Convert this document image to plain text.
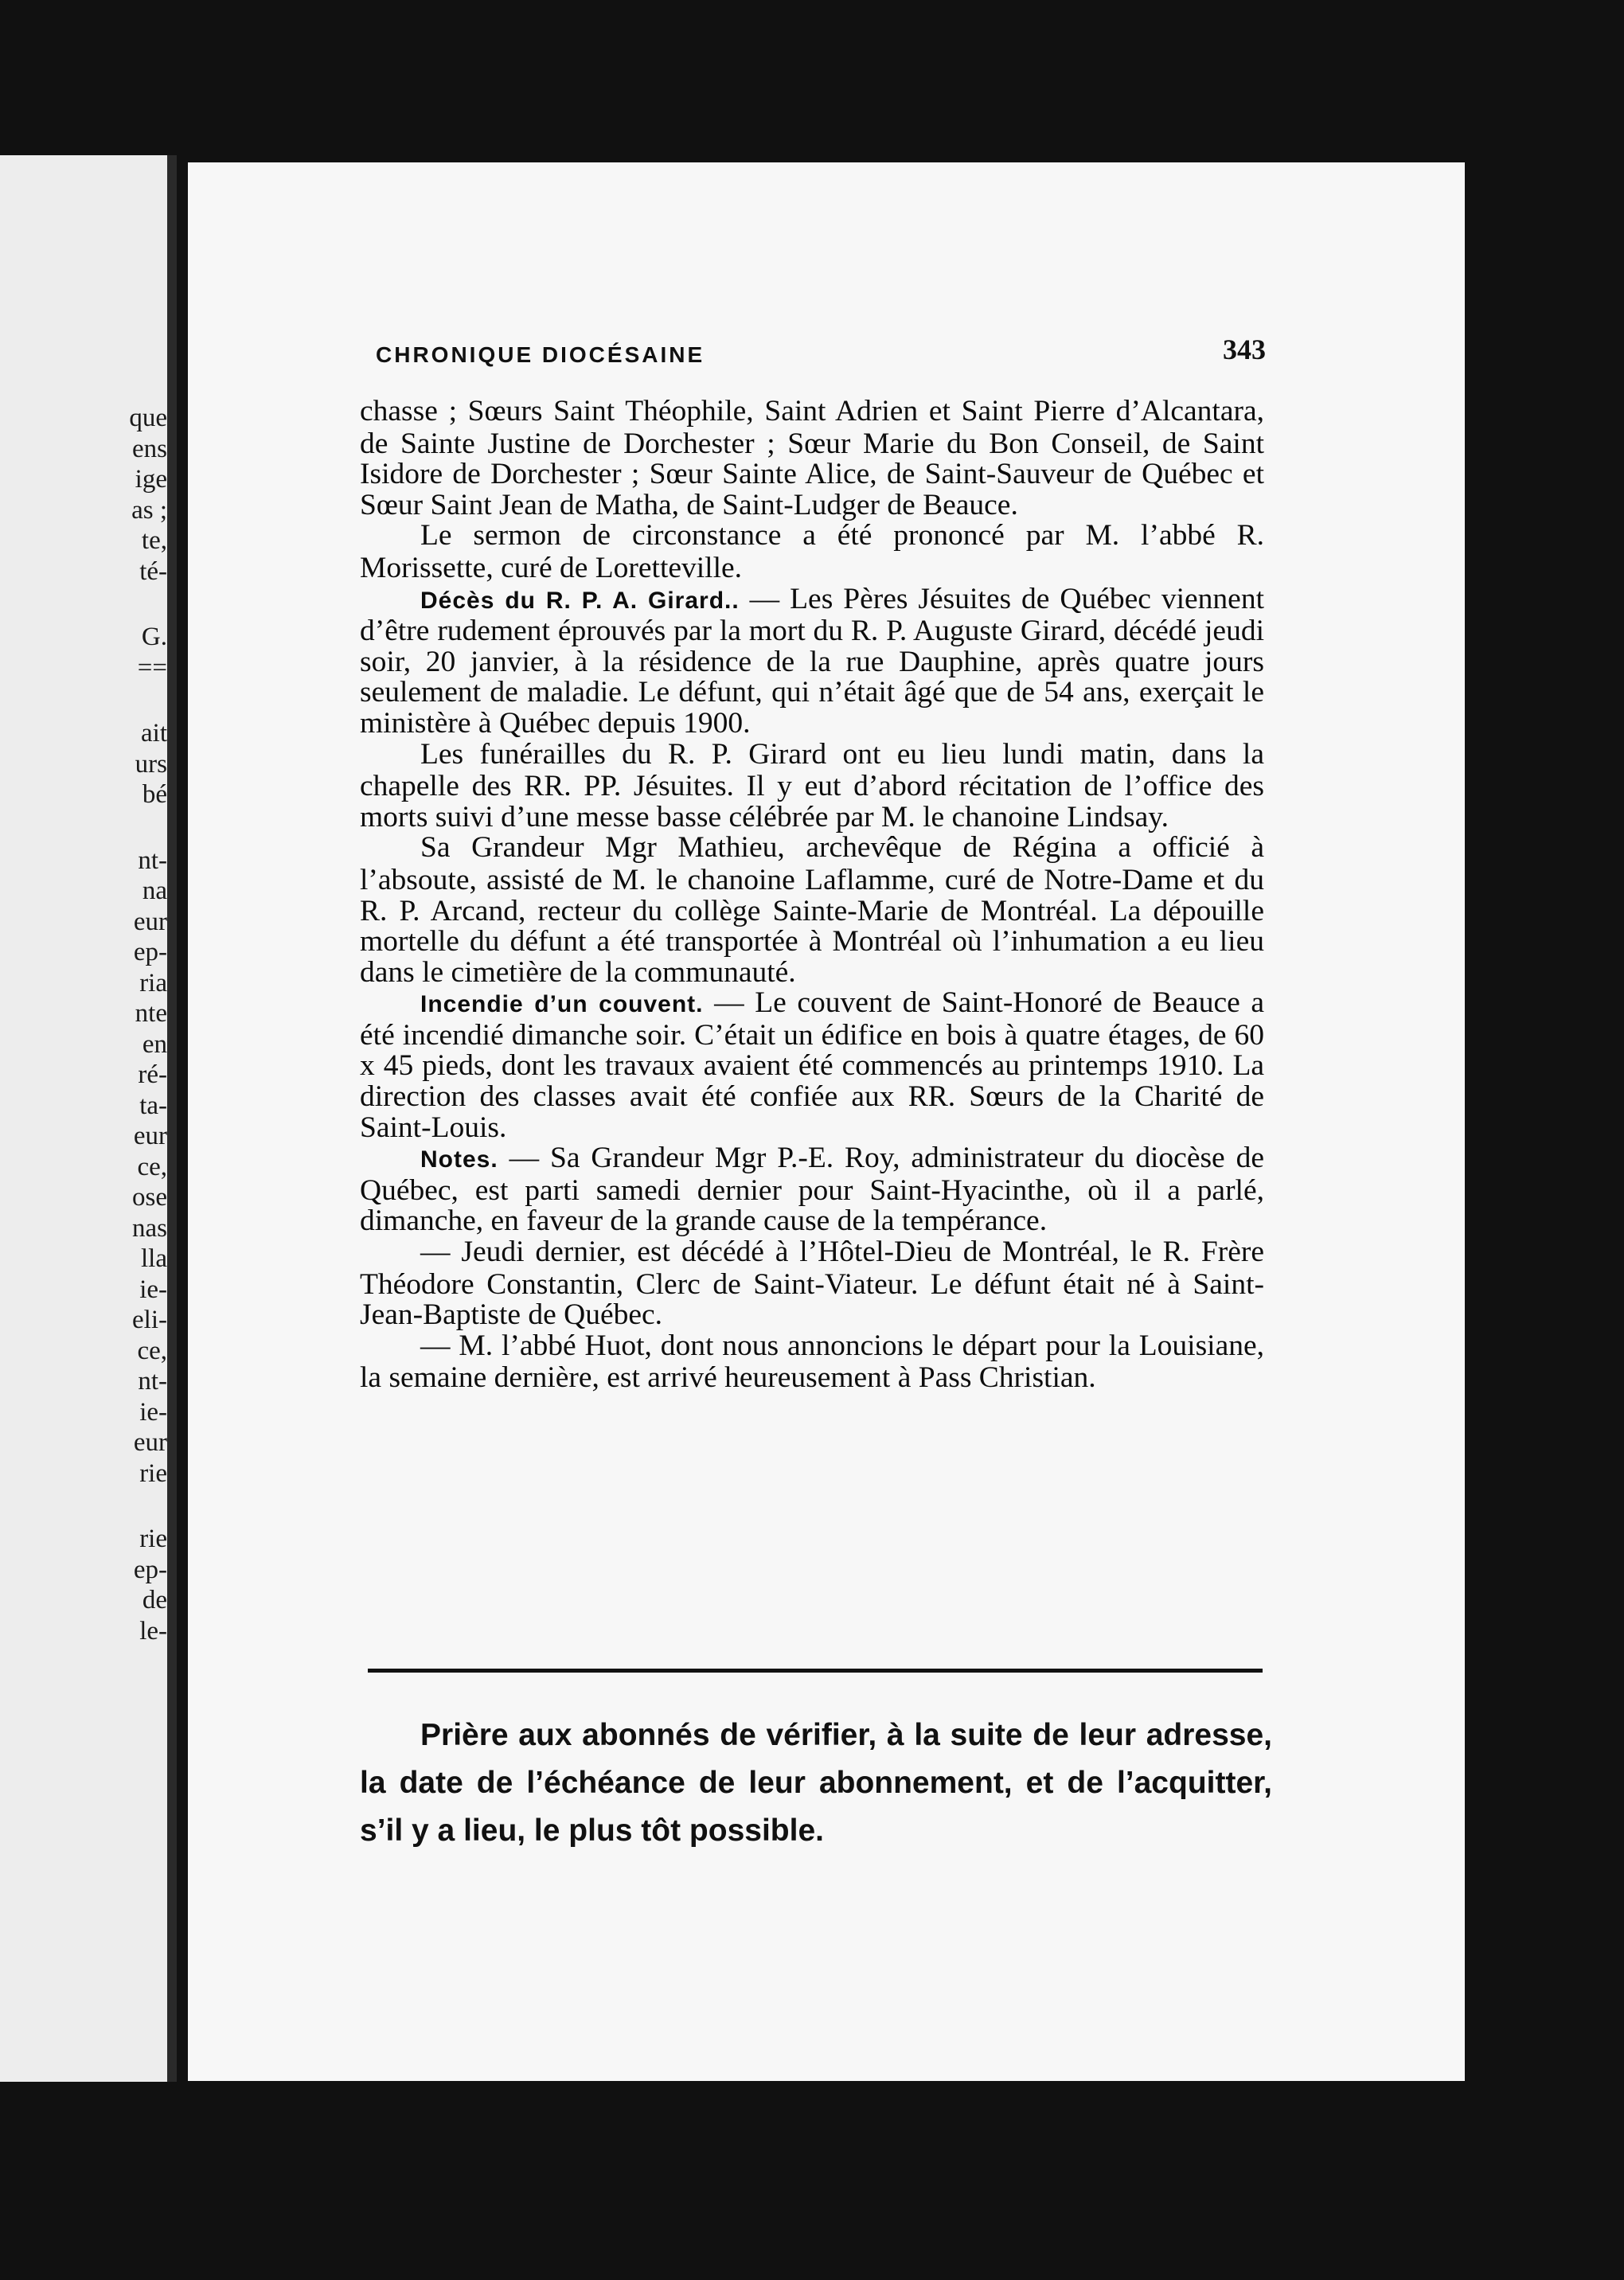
que
ens
ige
as ;
te,
té-
G.
==
ait
urs
bé
nt-
na
eur
ep-
ria
nte
en
ré-
ta-
eur
ce,
ose
nas
lla
ie-
eli-
ce,
nt-
ie-
eur
rie
rie
ep-
de
le-
CHRONIQUE DIOCÉSAINE	343

chasse ; Sœurs Saint Théophile, Saint Adrien et Saint Pierre d’Alcantara, de Sainte Justine de Dorchester ; Sœur Marie du Bon Conseil, de Saint Isidore de Dorchester ; Sœur Sainte Alice, de Saint-Sauveur de Québec et Sœur Saint Jean de Matha, de Saint-Ludger de Beauce.

Le sermon de circonstance a été prononcé par M. l’abbé R. Morissette, curé de Loretteville.

Décès du R. P. A. Girard.. — Les Pères Jésuites de Québec viennent d’être rudement éprouvés par la mort du R. P. Auguste Girard, décédé jeudi soir, 20 janvier, à la résidence de la rue Dauphine, après quatre jours seulement de maladie. Le défunt, qui n’était âgé que de 54 ans, exerçait le ministère à Québec depuis 1900.

Les funérailles du R. P. Girard ont eu lieu lundi matin, dans la chapelle des RR. PP. Jésuites. Il y eut d’abord récitation de l’office des morts suivi d’une messe basse célébrée par M. le chanoine Lindsay.

Sa Grandeur Mgr Mathieu, archevêque de Régina a officié à l’absoute, assisté de M. le chanoine Laflamme, curé de Notre-Dame et du R. P. Arcand, recteur du collège Sainte-Marie de Montréal. La dépouille mortelle du défunt a été transportée à Montréal où l’inhumation a eu lieu dans le cimetière de la communauté.

Incendie d’un couvent. — Le couvent de Saint-Honoré de Beauce a été incendié dimanche soir. C’était un édifice en bois à quatre étages, de 60 x 45 pieds, dont les travaux avaient été commencés au printemps 1910. La direction des classes avait été confiée aux RR. Sœurs de la Charité de Saint-Louis.

Notes. — Sa Grandeur Mgr P.-E. Roy, administrateur du diocèse de Québec, est parti samedi dernier pour Saint-Hyacinthe, où il a parlé, dimanche, en faveur de la grande cause de la tempérance.

— Jeudi dernier, est décédé à l’Hôtel-Dieu de Montréal, le R. Frère Théodore Constantin, Clerc de Saint-Viateur. Le défunt était né à Saint-Jean-Baptiste de Québec.

— M. l’abbé Huot, dont nous annoncions le départ pour la Louisiane, la semaine dernière, est arrivé heureusement à Pass Christian.

Prière aux abonnés de vérifier, à la suite de leur adresse, la date de l’échéance de leur abonnement, et de l’acquitter, s’il y a lieu, le plus tôt possible.
